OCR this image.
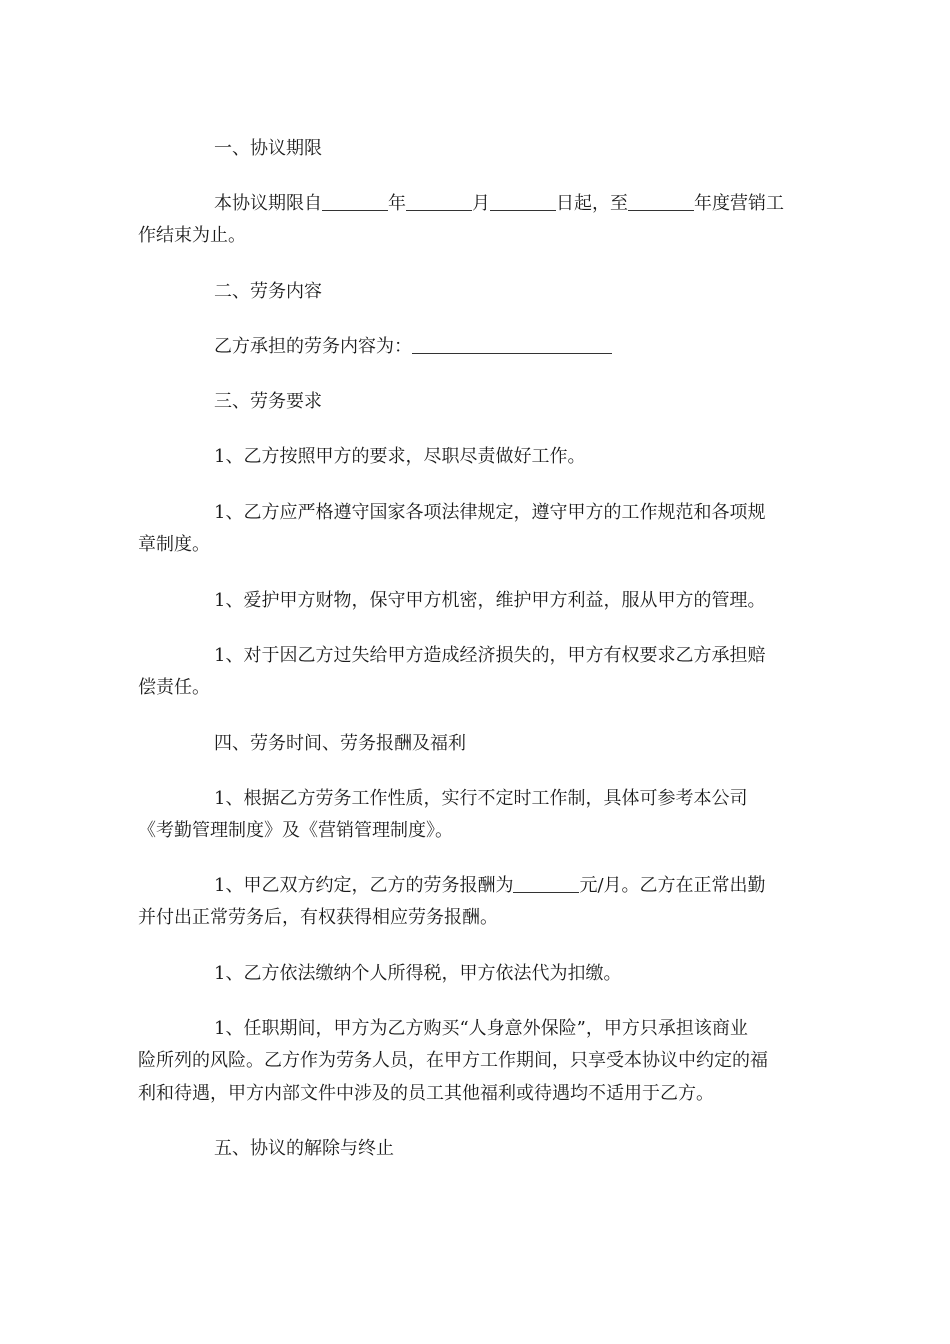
一、协议期限
本协议期限自	年	月	日起，至	年度营销工
作结束为止。
二、劳务内容
乙方承担的劳务内容为：
三、劳务要求
1、乙方按照甲方的要求，尽职尽责做好工作。
1、乙方应严格遵守国家各项法律规定，遵守甲方的工作规范和各项规
章制度。
1、爱护甲方财物，保守甲方机密，维护甲方利益，服从甲方的管理。
1、对于因乙方过失给甲方造成经济损失的，甲方有权要求乙方承担赔
偿责任。
四、劳务时间、劳务报酬及福利
1、根据乙方劳务工作性质，实行不定时工作制，具体可参考本公司
《考勤管理制度》及《营销管理制度》。
1、甲乙双方约定，乙方的劳务报酬为	元/月。乙方在正常出勤
并付出正常劳务后，有权获得相应劳务报酬。
1、乙方依法缴纳个人所得税，甲方依法代为扣缴。
1、任职期间，甲方为乙方购买“人身意外保险”，甲方只承担该商业
险所列的风险。乙方作为劳务人员，在甲方工作期间，只享受本协议中约定的福
利和待遇，甲方内部文件中涉及的员工其他福利或待遇均不适用于乙方。
五、协议的解除与终止
